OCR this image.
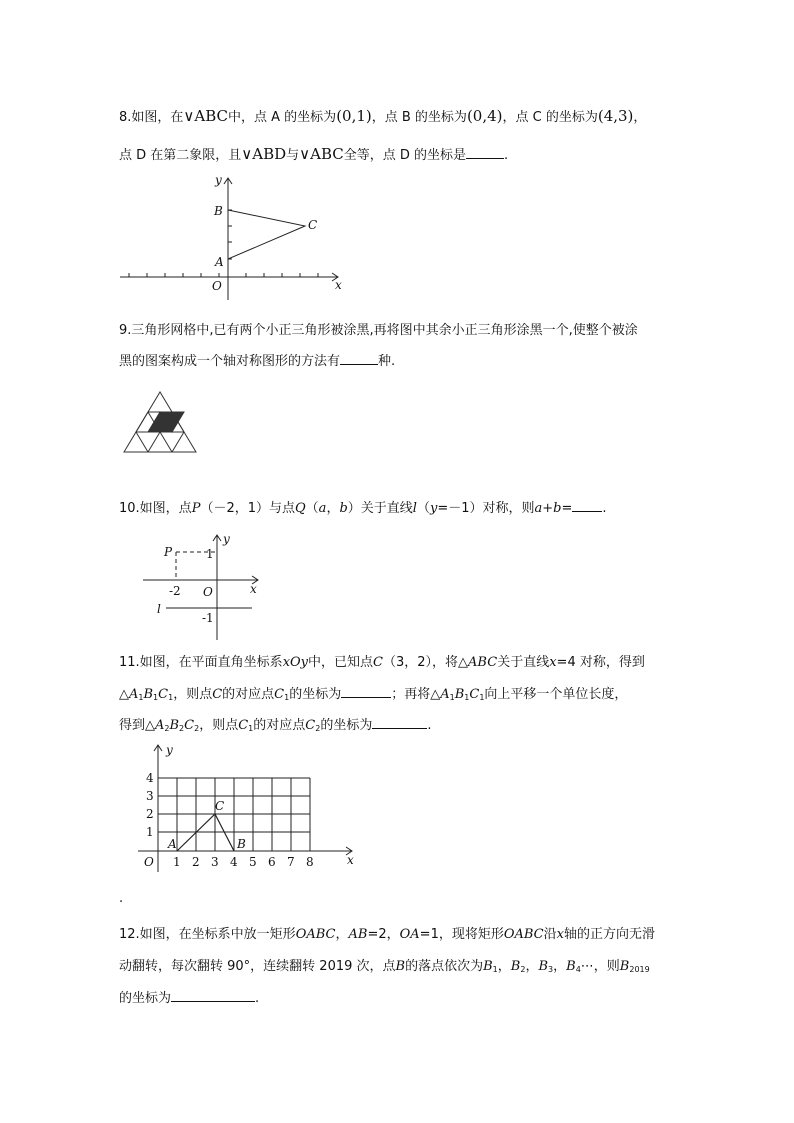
8.如图，在∨ABC中，点 A 的坐标为(0,1)，点 B 的坐标为(0,4)，点 C 的坐标为(4,3)，
点 D 在第二象限，且∨ABD与∨ABC全等，点 D 的坐标是	.
y
x
B
A
C
O
9.三角形网格中,已有两个小正三角形被涂黑,再将图中其余小正三角形涂黑一个,使整个被涂
黑的图案构成一个轴对称图形的方法有	种.
10.如图，点P（－2，1）与点Q（a，b）关于直线l（y=－1）对称，则a+b= .
P	1
y
-2 O	x
l
-1
11.如图，在平面直角坐标系xOy中，已知点C（3，2），将△ABC关于直线x=4 对称，得到
$\triangle A_1B_1C_1$，则点C的对应点$C_1$的坐标为	；再将$\triangle A_1B_1C_1$向上平移一个单位长度，
得到$\triangle A_2B_2C_2$，则点$C_1$的对应点$C_2$的坐标为	.
4
3
2
1
1 2 3 4 5 6 7 8
O	x
y
A	B
C
.
12.如图，在坐标系中放一矩形OABC，AB=2，OA=1，现将矩形OABC沿x轴的正方向无滑
动翻转，每次翻转 90°，连续翻转 2019 次，点B的落点依次为$B_1$，$B_2$，$B_3$，$B_4\cdots$，则$B_{2019}$
的坐标为	.
